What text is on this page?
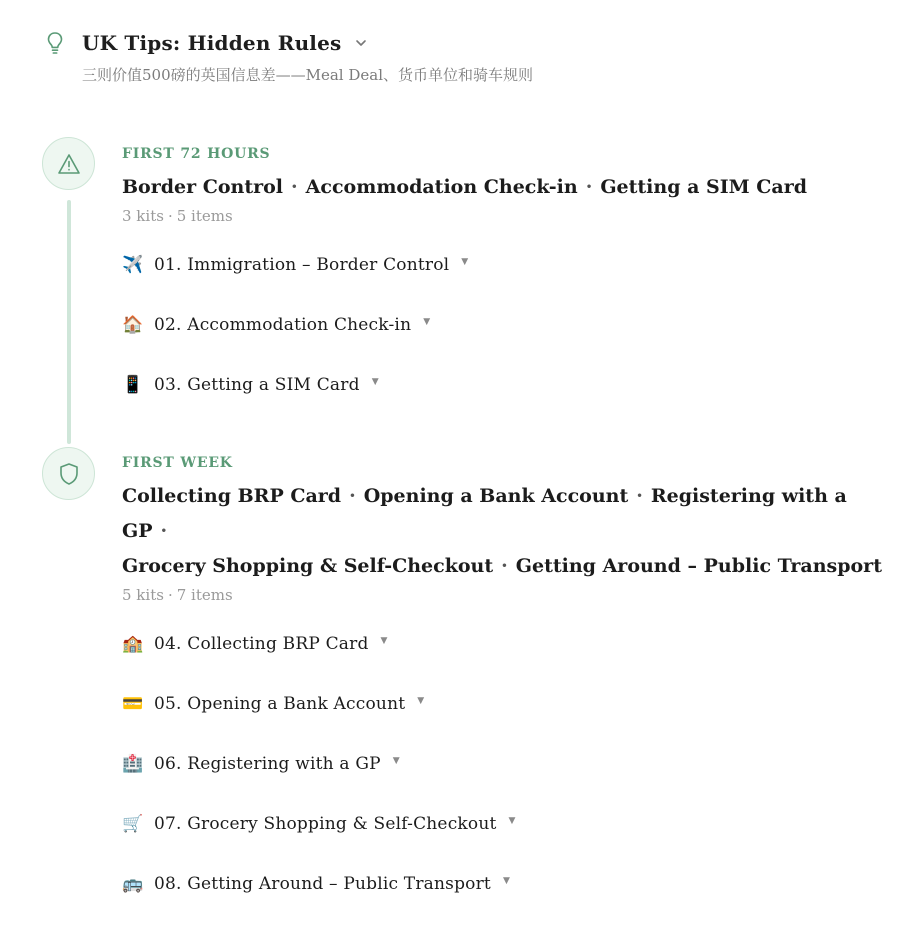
UK Tips: Hidden Rules
三则价值500磅的英国信息差——Meal Deal、货币单位和骑车规则
FIRST 72 HOURS
Border Control · Accommodation Check-in · Getting a SIM Card
3 kits · 5 items
✈️ 01. Immigration – Border Control ▼
🏠 02. Accommodation Check-in ▼
📱 03. Getting a SIM Card ▼
FIRST WEEK
Collecting BRP Card · Opening a Bank Account · Registering with a GP ·
Grocery Shopping & Self-Checkout · Getting Around – Public Transport
5 kits · 7 items
🏫 04. Collecting BRP Card ▼
💳 05. Opening a Bank Account ▼
🏥 06. Registering with a GP ▼
🛒 07. Grocery Shopping & Self-Checkout ▼
🚌 08. Getting Around – Public Transport ▼
